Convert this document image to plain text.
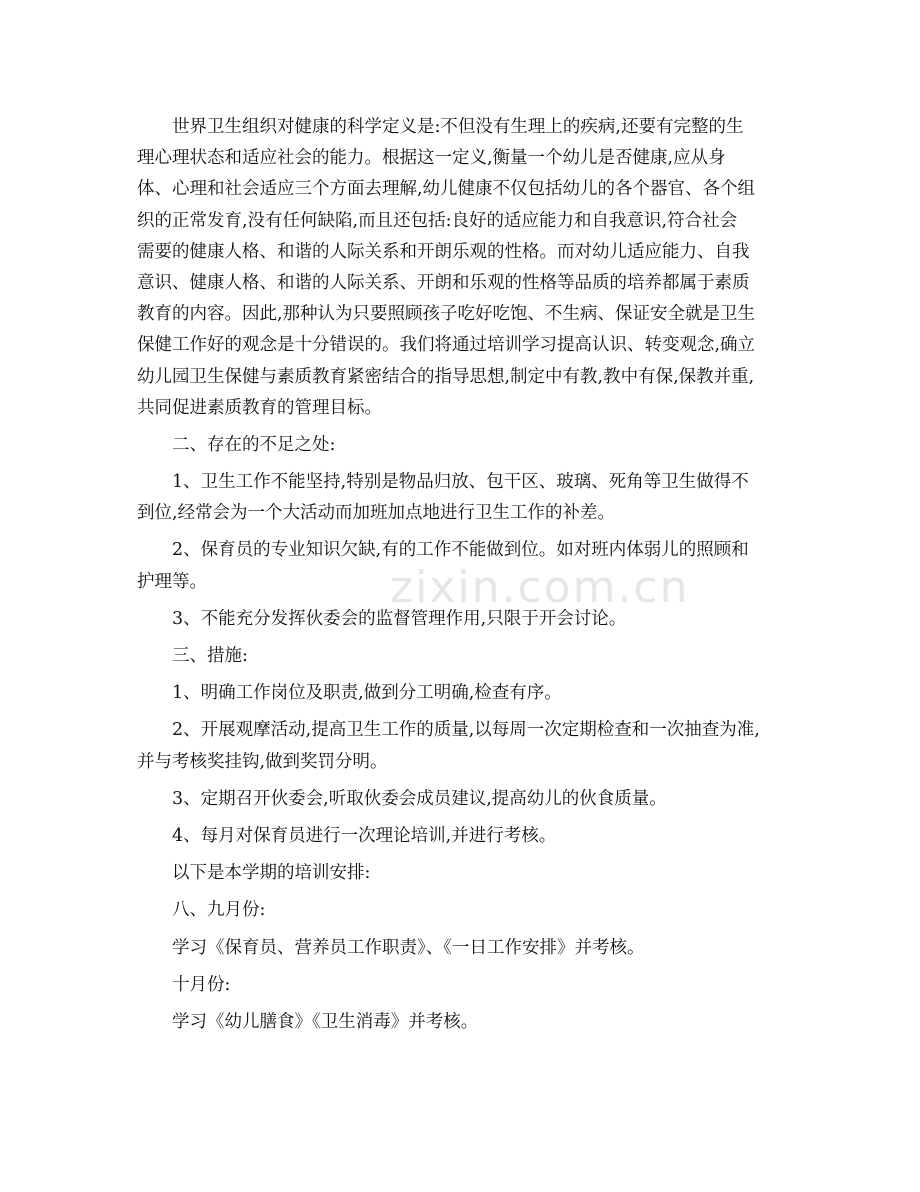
zixin.com.cn
　　世界卫生组织对健康的科学定义是:不但没有生理上的疾病,还要有完整的生
理心理状态和适应社会的能力。根据这一定义,衡量一个幼儿是否健康,应从身
体、心理和社会适应三个方面去理解,幼儿健康不仅包括幼儿的各个器官、各个组
织的正常发育,没有任何缺陷,而且还包括:良好的适应能力和自我意识,符合社会
需要的健康人格、和谐的人际关系和开朗乐观的性格。而对幼儿适应能力、自我
意识、健康人格、和谐的人际关系、开朗和乐观的性格等品质的培养都属于素质
教育的内容。因此,那种认为只要照顾孩子吃好吃饱、不生病、保证安全就是卫生
保健工作好的观念是十分错误的。我们将通过培训学习提高认识、转变观念,确立
幼儿园卫生保健与素质教育紧密结合的指导思想,制定中有教,教中有保,保教并重,
共同促进素质教育的管理目标。
　　二、存在的不足之处:
　　1、卫生工作不能坚持,特别是物品归放、包干区、玻璃、死角等卫生做得不
到位,经常会为一个大活动而加班加点地进行卫生工作的补差。
　　2、保育员的专业知识欠缺,有的工作不能做到位。如对班内体弱儿的照顾和
护理等。
　　3、不能充分发挥伙委会的监督管理作用,只限于开会讨论。
　　三、措施:
　　1、明确工作岗位及职责,做到分工明确,检查有序。
　　2、开展观摩活动,提高卫生工作的质量,以每周一次定期检查和一次抽查为准,
并与考核奖挂钩,做到奖罚分明。
　　3、定期召开伙委会,听取伙委会成员建议,提高幼儿的伙食质量。
　　4、每月对保育员进行一次理论培训,并进行考核。
　　以下是本学期的培训安排:
　　八、九月份:
　　学习《保育员、营养员工作职责》、《一日工作安排》并考核。
　　十月份:
　　学习《幼儿膳食》《卫生消毒》并考核。
